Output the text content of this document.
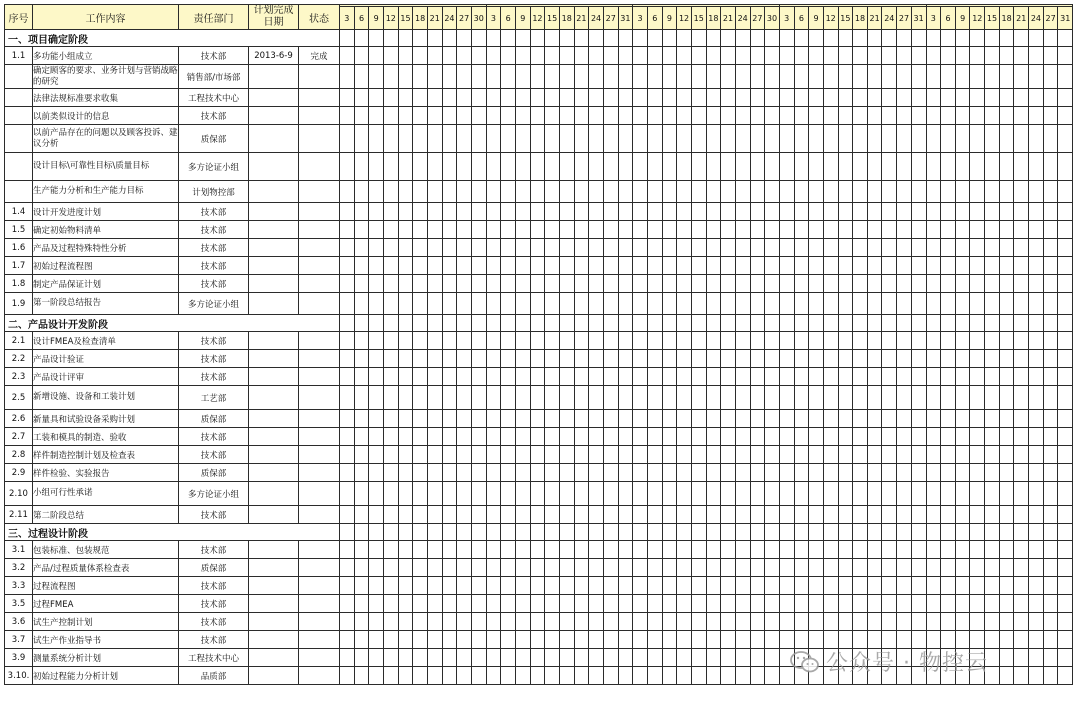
序号	工作内容	责任部门	计划完成日期	状态																																																		
					3	6	9	12	15	18	21	24	27	30	3	6	9	12	15	18	21	24	27	31	3	6	9	12	15	18	21	24	27	30	3	6	9	12	15	18	21	24	27	31	3	6	9	12	15	18	21	24	27	31
一、项目确定阶段																																																						
1.1	多功能小组成立	技术部	2013-6-9	完成																																																		
	确定顾客的要求、业务计划与营销战略的研究	销售部/市场部																																																				
	法律法规标准要求收集	工程技术中心																																																				
	以前类似设计的信息	技术部																																																				
	以前产品存在的问题以及顾客投诉、建议分析	质保部																																																				
	设计目标\可靠性目标\质量目标	多方论证小组																																																				
	生产能力分析和生产能力目标	计划物控部																																																				
1.4	设计开发进度计划	技术部																																																				
1.5	确定初始物料清单	技术部																																																				
1.6	产品及过程特殊特性分析	技术部																																																				
1.7	初始过程流程图	技术部																																																				
1.8	制定产品保证计划	技术部																																																				
1.9	第一阶段总结报告	多方论证小组																																																				
二、产品设计开发阶段																																																						
2.1	设计FMEA及检查清单	技术部																																																				
2.2	产品设计验证	技术部																																																				
2.3	产品设计评审	技术部																																																				
2.5	新增设施、设备和工装计划	工艺部																																																				
2.6	新量具和试验设备采购计划	质保部																																																				
2.7	工装和模具的制造、验收	技术部																																																				
2.8	样件制造控制计划及检查表	技术部																																																				
2.9	样件检验、实验报告	质保部																																																				
2.10	小组可行性承诺	多方论证小组																																																				
2.11	第二阶段总结	技术部																																																				
三、过程设计阶段																																																						
3.1	包装标准、包装规范	技术部																																																				
3.2	产品/过程质量体系检查表	质保部																																																				
3.3	过程流程图	技术部																																																				
3.5	过程FMEA	技术部																																																				
3.6	试生产控制计划	技术部																																																				
3.7	试生产作业指导书	技术部																																																				
3.9	测量系统分析计划	工程技术中心																																																				
3.10.	初始过程能力分析计划	品质部																																																				
公众号 · 物控云
